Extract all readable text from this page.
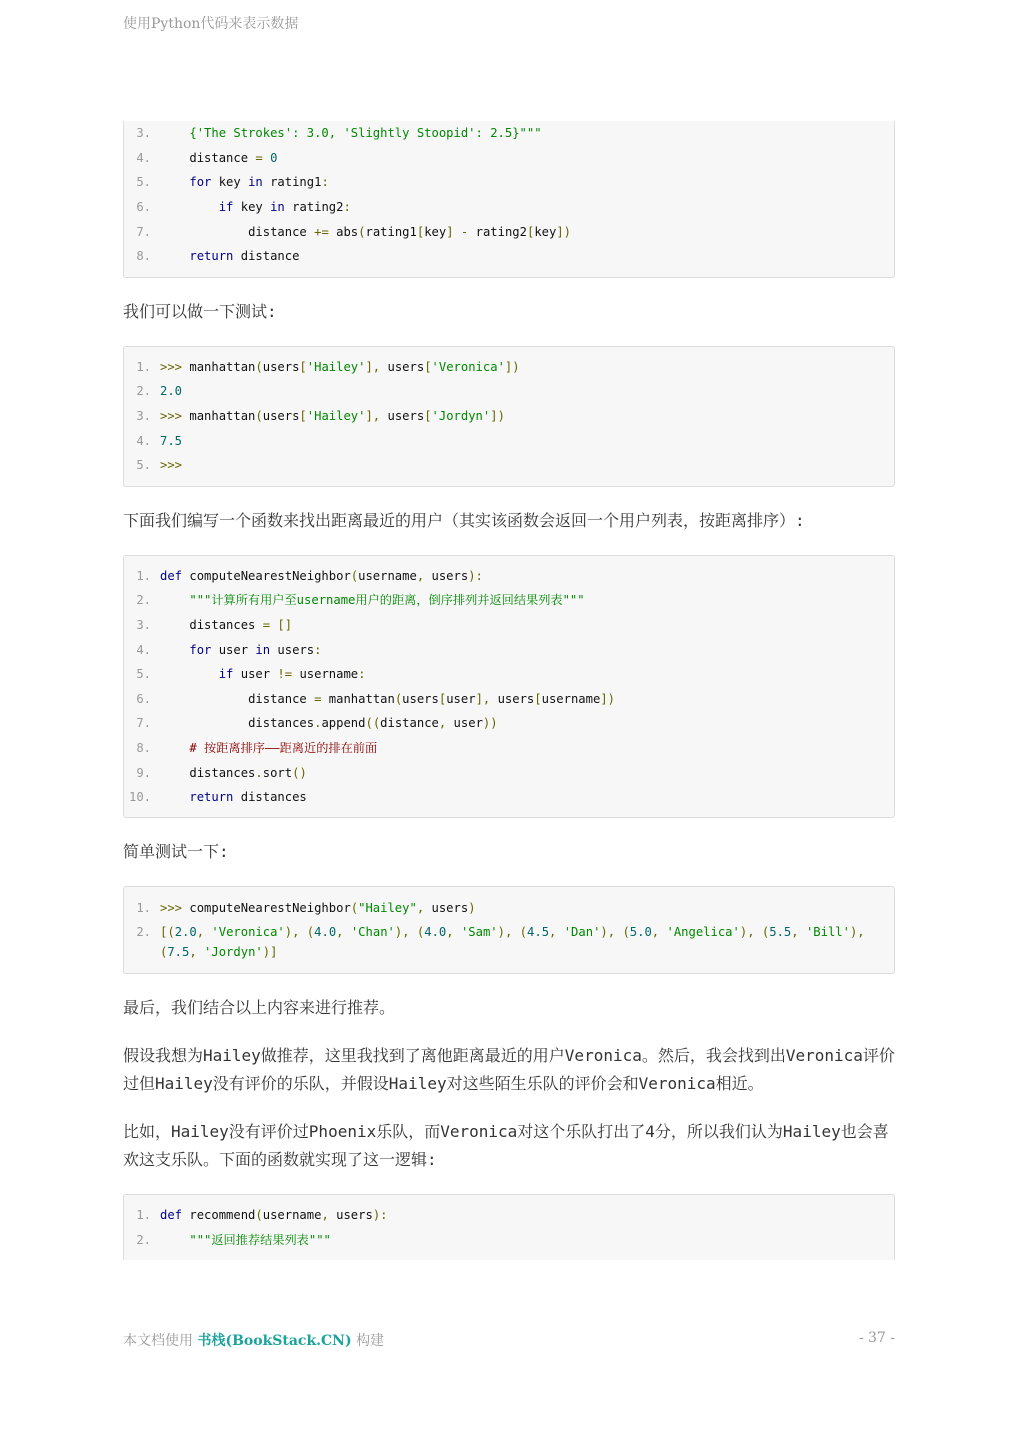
使用Python代码来表示数据
3.	{'The Strokes': 3.0, 'Slightly Stoopid': 2.5}"""
4. distance = 0
5.	for key in rating1:
6.	if key in rating2:
7. distance += abs(rating1[key] - rating2[key])
8.	return distance

我们可以做一下测试:

1. >>> manhattan(users['Hailey'], users['Veronica'])
2. 2.0
3. >>> manhattan(users['Hailey'], users['Jordyn'])
4. 7.5
5. >>>

下面我们编写一个函数来找出距离最近的用户（其实该函数会返回一个用户列表，按距离排序）:

1. def computeNearestNeighbor(username, users):
2.	"""计算所有用户至username用户的距离，倒序排列并返回结果列表"""
3. distances = []
4.	for user in users:
5.	if user != username:
6. distance = manhattan(users[user], users[username])
7. distances.append((distance, user))
8.	# 按距离排序——距离近的排在前面
9. distances.sort()
10.	return distances

简单测试一下:

1. >>> computeNearestNeighbor("Hailey", users)
2. [(2.0, 'Veronica'), (4.0, 'Chan'), (4.0, 'Sam'), (4.5, 'Dan'), (5.0, 'Angelica'), (5.5, 'Bill'), (7.5, 'Jordyn')]

最后，我们结合以上内容来进行推荐。

假设我想为Hailey做推荐，这里我找到了离他距离最近的用户Veronica。然后，我会找到出Veronica评价过但Hailey没有评价的乐队，并假设Hailey对这些陌生乐队的评价会和Veronica相近。

比如，Hailey没有评价过Phoenix乐队，而Veronica对这个乐队打出了4分，所以我们认为Hailey也会喜欢这支乐队。下面的函数就实现了这一逻辑:

1. def recommend(username, users):
2.	"""返回推荐结果列表"""
本文档使用 书栈(BookStack.CN) 构建	- 37 -
